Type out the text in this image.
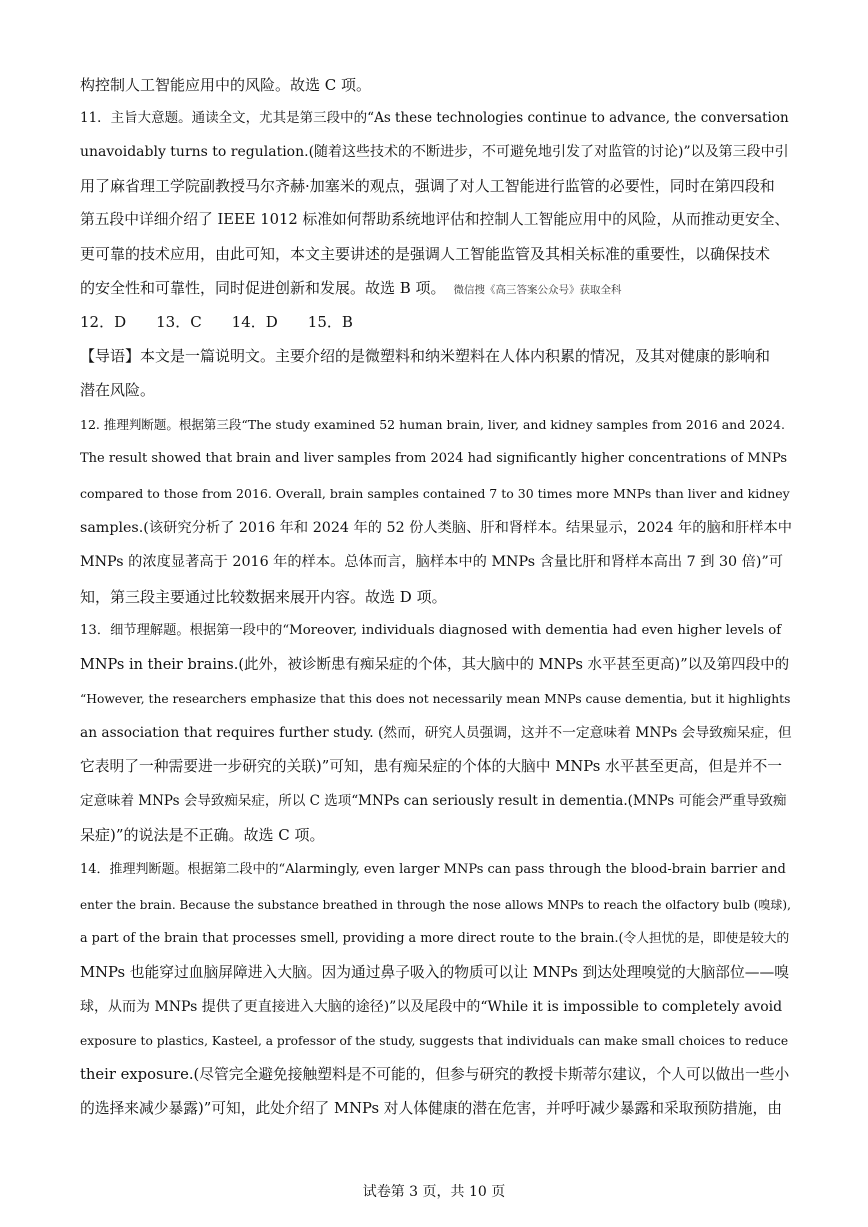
构控制人工智能应用中的风险。故选 C 项。
11．主旨大意题。通读全文，尤其是第三段中的“As these technologies continue to advance, the conversation
unavoidably turns to regulation.(随着这些技术的不断进步，不可避免地引发了对监管的讨论)”以及第三段中引
用了麻省理工学院副教授马尔齐赫·加塞米的观点，强调了对人工智能进行监管的必要性，同时在第四段和
第五段中详细介绍了 IEEE 1012 标准如何帮助系统地评估和控制人工智能应用中的风险，从而推动更安全、
更可靠的技术应用，由此可知，本文主要讲述的是强调人工智能监管及其相关标准的重要性，以确保技术
的安全性和可靠性，同时促进创新和发展。故选 B 项。 微信搜《高三答案公众号》获取全科
12．D　　13．C　　14．D　　15．B
【导语】本文是一篇说明文。主要介绍的是微塑料和纳米塑料在人体内积累的情况，及其对健康的影响和
潜在风险。
12. 推理判断题。根据第三段“The study examined 52 human brain, liver, and kidney samples from 2016 and 2024.
The result showed that brain and liver samples from 2024 had significantly higher concentrations of MNPs
compared to those from 2016. Overall, brain samples contained 7 to 30 times more MNPs than liver and kidney
samples.(该研究分析了 2016 年和 2024 年的 52 份人类脑、肝和肾样本。结果显示，2024 年的脑和肝样本中
MNPs 的浓度显著高于 2016 年的样本。总体而言，脑样本中的 MNPs 含量比肝和肾样本高出 7 到 30 倍)”可
知，第三段主要通过比较数据来展开内容。故选 D 项。
13．细节理解题。根据第一段中的“Moreover, individuals diagnosed with dementia had even higher levels of
MNPs in their brains.(此外，被诊断患有痴呆症的个体，其大脑中的 MNPs 水平甚至更高)”以及第四段中的
“However, the researchers emphasize that this does not necessarily mean MNPs cause dementia, but it highlights
an association that requires further study. (然而，研究人员强调，这并不一定意味着 MNPs 会导致痴呆症，但
它表明了一种需要进一步研究的关联)”可知，患有痴呆症的个体的大脑中 MNPs 水平甚至更高，但是并不一
定意味着 MNPs 会导致痴呆症，所以 C 选项“MNPs can seriously result in dementia.(MNPs 可能会严重导致痴
呆症)”的说法是不正确。故选 C 项。
14．推理判断题。根据第二段中的“Alarmingly, even larger MNPs can pass through the blood-brain barrier and
enter the brain. Because the substance breathed in through the nose allows MNPs to reach the olfactory bulb (嗅球),
a part of the brain that processes smell, providing a more direct route to the brain.(令人担忧的是，即使是较大的
MNPs 也能穿过血脑屏障进入大脑。因为通过鼻子吸入的物质可以让 MNPs 到达处理嗅觉的大脑部位——嗅
球，从而为 MNPs 提供了更直接进入大脑的途径)”以及尾段中的“While it is impossible to completely avoid
exposure to plastics, Kasteel, a professor of the study, suggests that individuals can make small choices to reduce
their exposure.(尽管完全避免接触塑料是不可能的，但参与研究的教授卡斯蒂尔建议，个人可以做出一些小
的选择来减少暴露)”可知，此处介绍了 MNPs 对人体健康的潜在危害，并呼吁减少暴露和采取预防措施，由
试卷第 3 页，共 10 页
